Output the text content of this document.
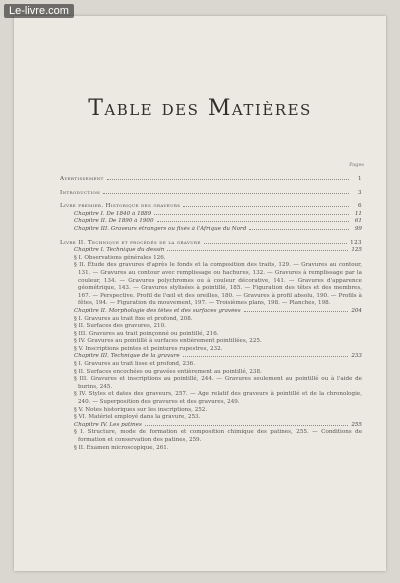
Le-livre.com
Table des Matières
Pages
Avertissement	1
Introduction	3
Livre premier. Historique des graveurs	6
Chapitre I. De 1840 à 1889	11
Chapitre II. De 1890 à 1900	61
Chapitre III. Graveurs étrangers ou fixés à l'Afrique du Nord	99
Livre II. Technique et procédés de la gravure	123
Chapitre I. Technique du dessin	125
§ I. Observations générales 126.
§ II. Étude des gravures d'après le fonds et la composition des traits, 129. — Gravures au contour, 131. — Gravures au contour avec remplissage ou hachures, 132. — Gravures à remplissage par la couleur, 134. — Gravures polychromes ou à couleur décorative, 141. — Gravures d'apparence géométrique, 143. — Gravures stylisées à pointillé, 185. — Figuration des têtes et des membres, 167. — Perspective. Profil de l'œil et des oreilles, 180. — Gravures à profil absolu, 190. — Profils à fêtes, 194. — Figuration du mouvement, 197. — Troisièmes plans, 198. — Planches, 198.
Chapitre II. Morphologie des têtes et des surfaces gravées	204
§ I. Gravures au trait fixe et profond, 208.
§ II. Surfaces des gravures, 210.
§ III. Gravures au trait poinçonné ou pointillé, 216.
§ IV. Gravures au pointillé à surfaces entièrement pointillées, 225.
§ V. Inscriptions peintes et peintures rupestres, 232.
Chapitre III. Technique de la gravure	233
§ I. Gravures au trait lisse et profond, 236.
§ II. Surfaces encochées ou gravées entièrement au pointillé, 238.
§ III. Gravures et inscriptions au pointillé, 244. — Gravures seulement au pointillé ou à l'aide de burins, 245.
§ IV. Styles et dates des graveurs, 257. — Age relatif des graveurs à pointillé et de la chronologie, 240. — Superposition des gravures et des gravures, 249.
§ V. Notes historiques sur les inscriptions, 252.
§ VI. Matériel employé dans la gravure, 253.
Chapitre IV. Les patines	255
§ I. Structure, mode de formation et composition chimique des patines, 255. — Conditions de formation et conservation des patines, 259.
§ II. Examen microscopique, 261.
